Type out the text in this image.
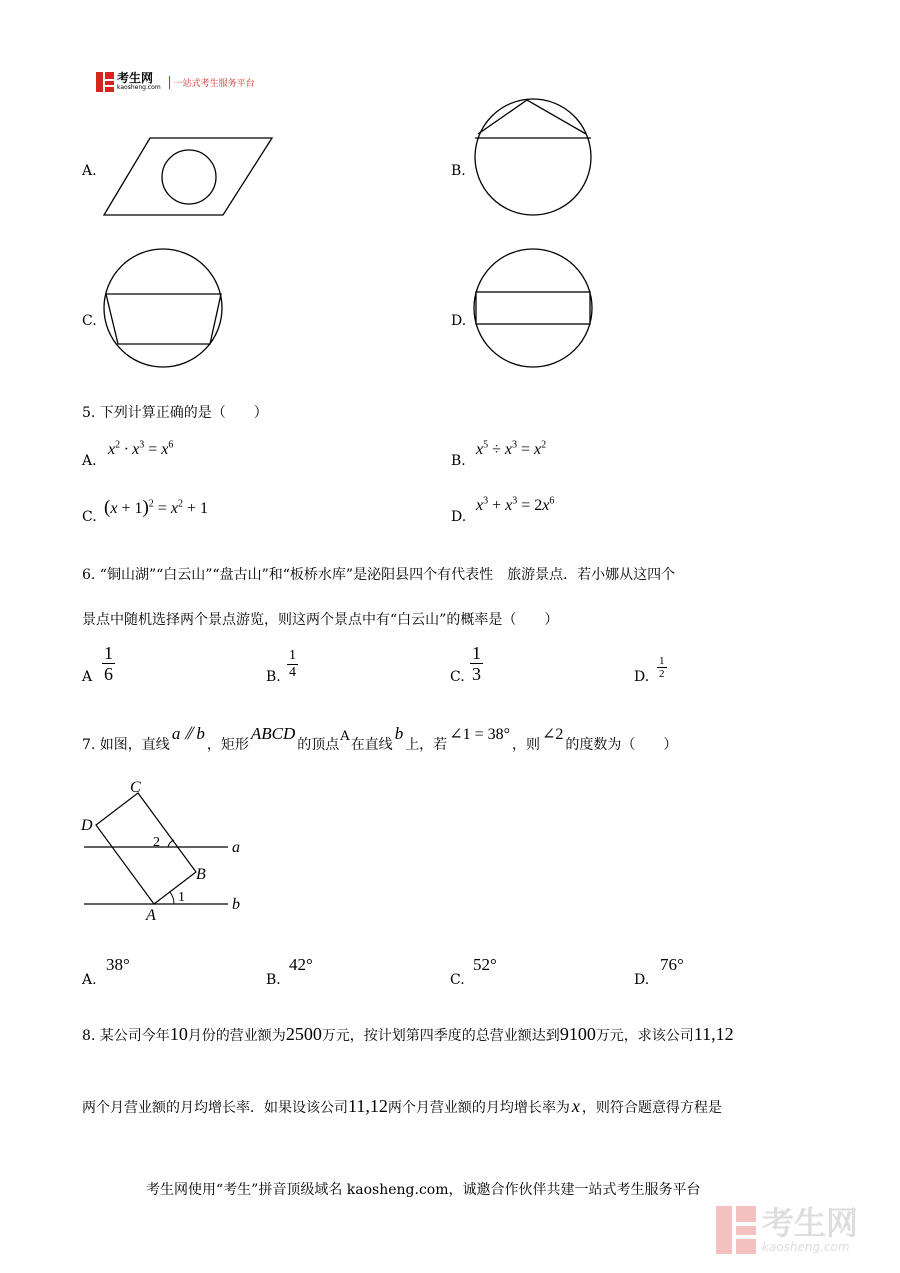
考生网
kaosheng.com	一站式考生服务平台
A.	B.
C.	D.
5. 下列计算正确的是（　　）
A.
$x^2 \cdot x^3 = x^6$
B.
$x^5 \div x^3 = x^2$
C. $(x + 1)^2 = x^2 + 1$	D.
$x^3 + x^3 = 2x^6$
6. “铜山湖”“白云山”“盘古山”和“板桥水库”是泌阳县四个有代表性　旅游景点．若小娜从这四个
景点中随机选择两个景点游览，则这两个景点中有“白云山”的概率是（　　）
A $\frac{1}{6}$	B. $\frac{1}{4}$	C. $\frac{1}{3}$	D. $\frac{1}{2}$
7. 如图，直线
a ⫽ b
，矩形
ABCD
的顶点
A
在直线
b
上，若
∠1 = 38°
，则
∠2
的度数为（　　）
C
D
B
A
a
b
1
2
A.
38°
B.
42°
C.
52°
D.
76°
8. 某公司今年 10 月份的营业额为 2500 万元，按计划第四季度的总营业额达到 9100 万元，求该公司 11,12
两个月营业额的月均增长率．如果设该公司 11,12 两个月营业额的月均增长率为 x ，则符合题意得方程是
考生网使用“考生”拼音顶级域名 kaosheng.com，诚邀合作伙伴共建一站式考生服务平台
考生网
kaosheng.com
